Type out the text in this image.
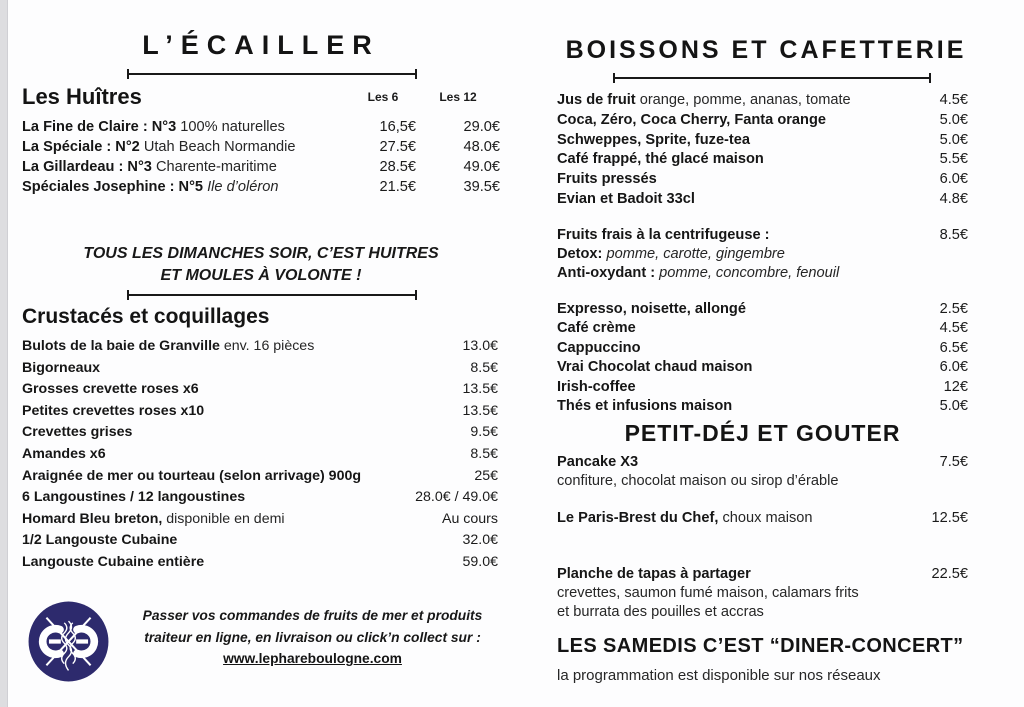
L’ÉCAILLER
Les Huîtres	Les 6	Les 12
La Fine de Claire : N°3 100% naturelles	16,5€	29.0€
La Spéciale : N°2 Utah Beach Normandie	27.5€	48.0€
La Gillardeau : N°3 Charente-maritime	28.5€	49.0€
Spéciales Josephine : N°5 Ile d’oléron	21.5€	39.5€
TOUS LES DIMANCHES SOIR, C’EST HUITRES
ET MOULES À VOLONTE !
Crustacés et coquillages
Bulots de la baie de Granville env. 16 pièces	13.0€
Bigorneaux	8.5€
Grosses crevette roses x6	13.5€
Petites crevettes roses x10	13.5€
Crevettes grises	9.5€
Amandes x6	8.5€
Araignée de mer ou tourteau (selon arrivage) 900g	25€
6 Langoustines / 12 langoustines	28.0€ / 49.0€
Homard Bleu breton, disponible en demi	Au cours
1/2 Langouste Cubaine	32.0€
Langouste Cubaine entière	59.0€
Passer vos commandes de fruits de mer et produits
traiteur en ligne, en livraison ou click’n collect sur :
www.lephareboulogne.com
BOISSONS ET CAFETTERIE
Jus de fruit orange, pomme, ananas, tomate	4.5€
Coca, Zéro, Coca Cherry, Fanta orange	5.0€
Schweppes, Sprite, fuze-tea	5.0€
Café frappé, thé glacé maison	5.5€
Fruits pressés	6.0€
Evian et Badoit 33cl	4.8€
Fruits frais à la centrifugeuse :	8.5€
Detox: pomme, carotte, gingembre
Anti-oxydant : pomme, concombre, fenouil
Expresso, noisette, allongé	2.5€
Café crème	4.5€
Cappuccino	6.5€
Vrai Chocolat chaud maison	6.0€
Irish-coffee	12€
Thés et infusions maison	5.0€
PETIT-DÉJ ET GOUTER
Pancake X3	7.5€
confiture, chocolat maison ou sirop d’érable
Le Paris-Brest du Chef, choux maison	12.5€
Planche de tapas à partager	22.5€
crevettes, saumon fumé maison, calamars frits
et burrata des pouilles et accras
LES SAMEDIS C’EST “DINER-CONCERT”

la programmation est disponible sur nos réseaux
